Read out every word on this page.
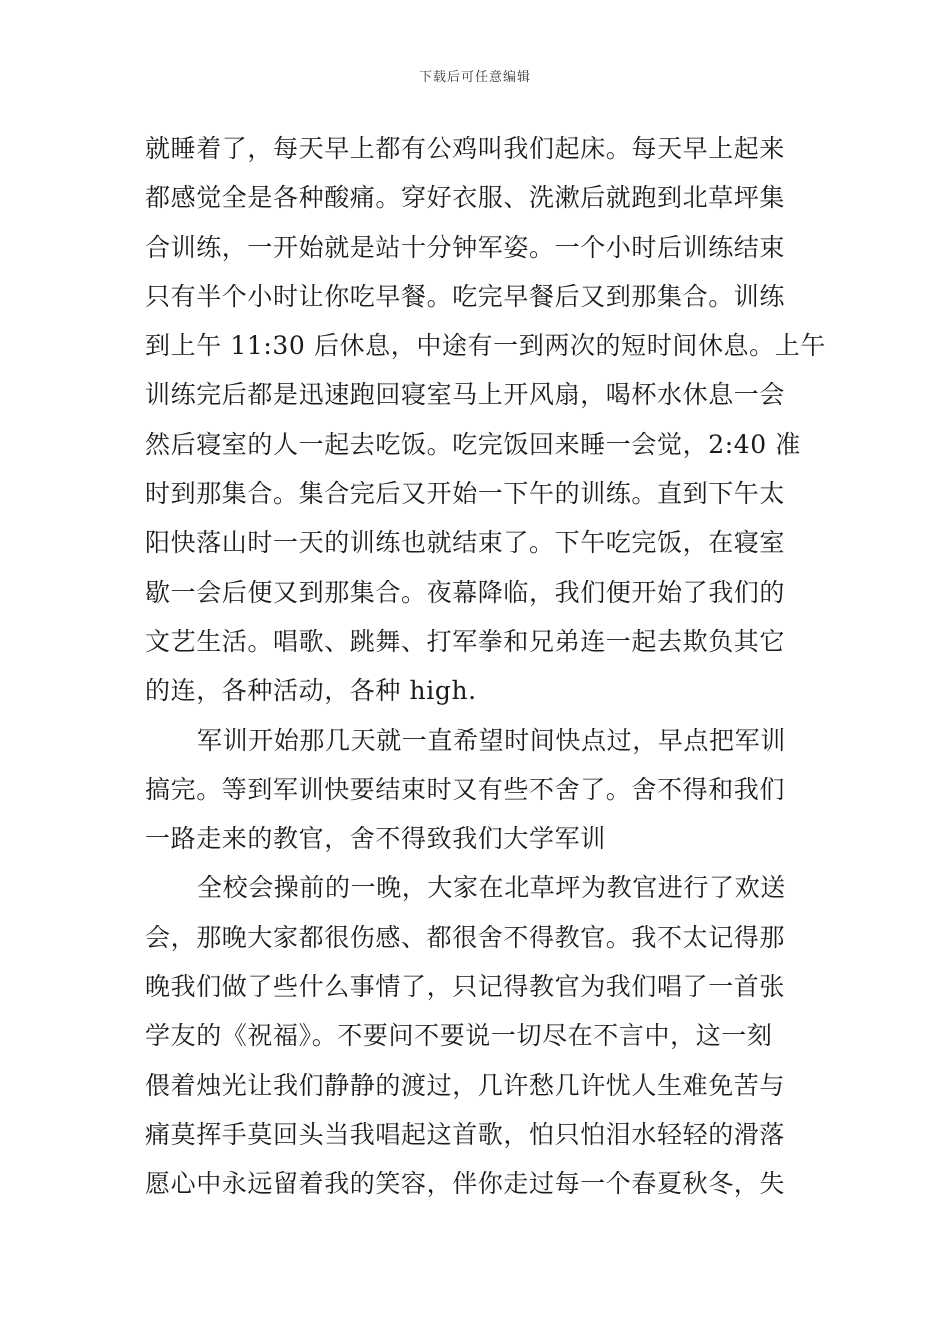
下载后可任意编辑
就睡着了，每天早上都有公鸡叫我们起床。每天早上起来
都感觉全是各种酸痛。穿好衣服、洗漱后就跑到北草坪集
合训练，一开始就是站十分钟军姿。一个小时后训练结束
只有半个小时让你吃早餐。吃完早餐后又到那集合。训练
到上午 11:30 后休息，中途有一到两次的短时间休息。上午
训练完后都是迅速跑回寝室马上开风扇，喝杯水休息一会
然后寝室的人一起去吃饭。吃完饭回来睡一会觉，2:40 准
时到那集合。集合完后又开始一下午的训练。直到下午太
阳快落山时一天的训练也就结束了。下午吃完饭，在寝室
歇一会后便又到那集合。夜幕降临，我们便开始了我们的
文艺生活。唱歌、跳舞、打军拳和兄弟连一起去欺负其它
的连，各种活动，各种 high.
军训开始那几天就一直希望时间快点过，早点把军训
搞完。等到军训快要结束时又有些不舍了。舍不得和我们
一路走来的教官，舍不得致我们大学军训
全校会操前的一晚，大家在北草坪为教官进行了欢送
会，那晚大家都很伤感、都很舍不得教官。我不太记得那
晚我们做了些什么事情了，只记得教官为我们唱了一首张
学友的《祝福》。不要问不要说一切尽在不言中，这一刻
偎着烛光让我们静静的渡过，几许愁几许忧人生难免苦与
痛莫挥手莫回头当我唱起这首歌，怕只怕泪水轻轻的滑落
愿心中永远留着我的笑容，伴你走过每一个春夏秋冬，失
